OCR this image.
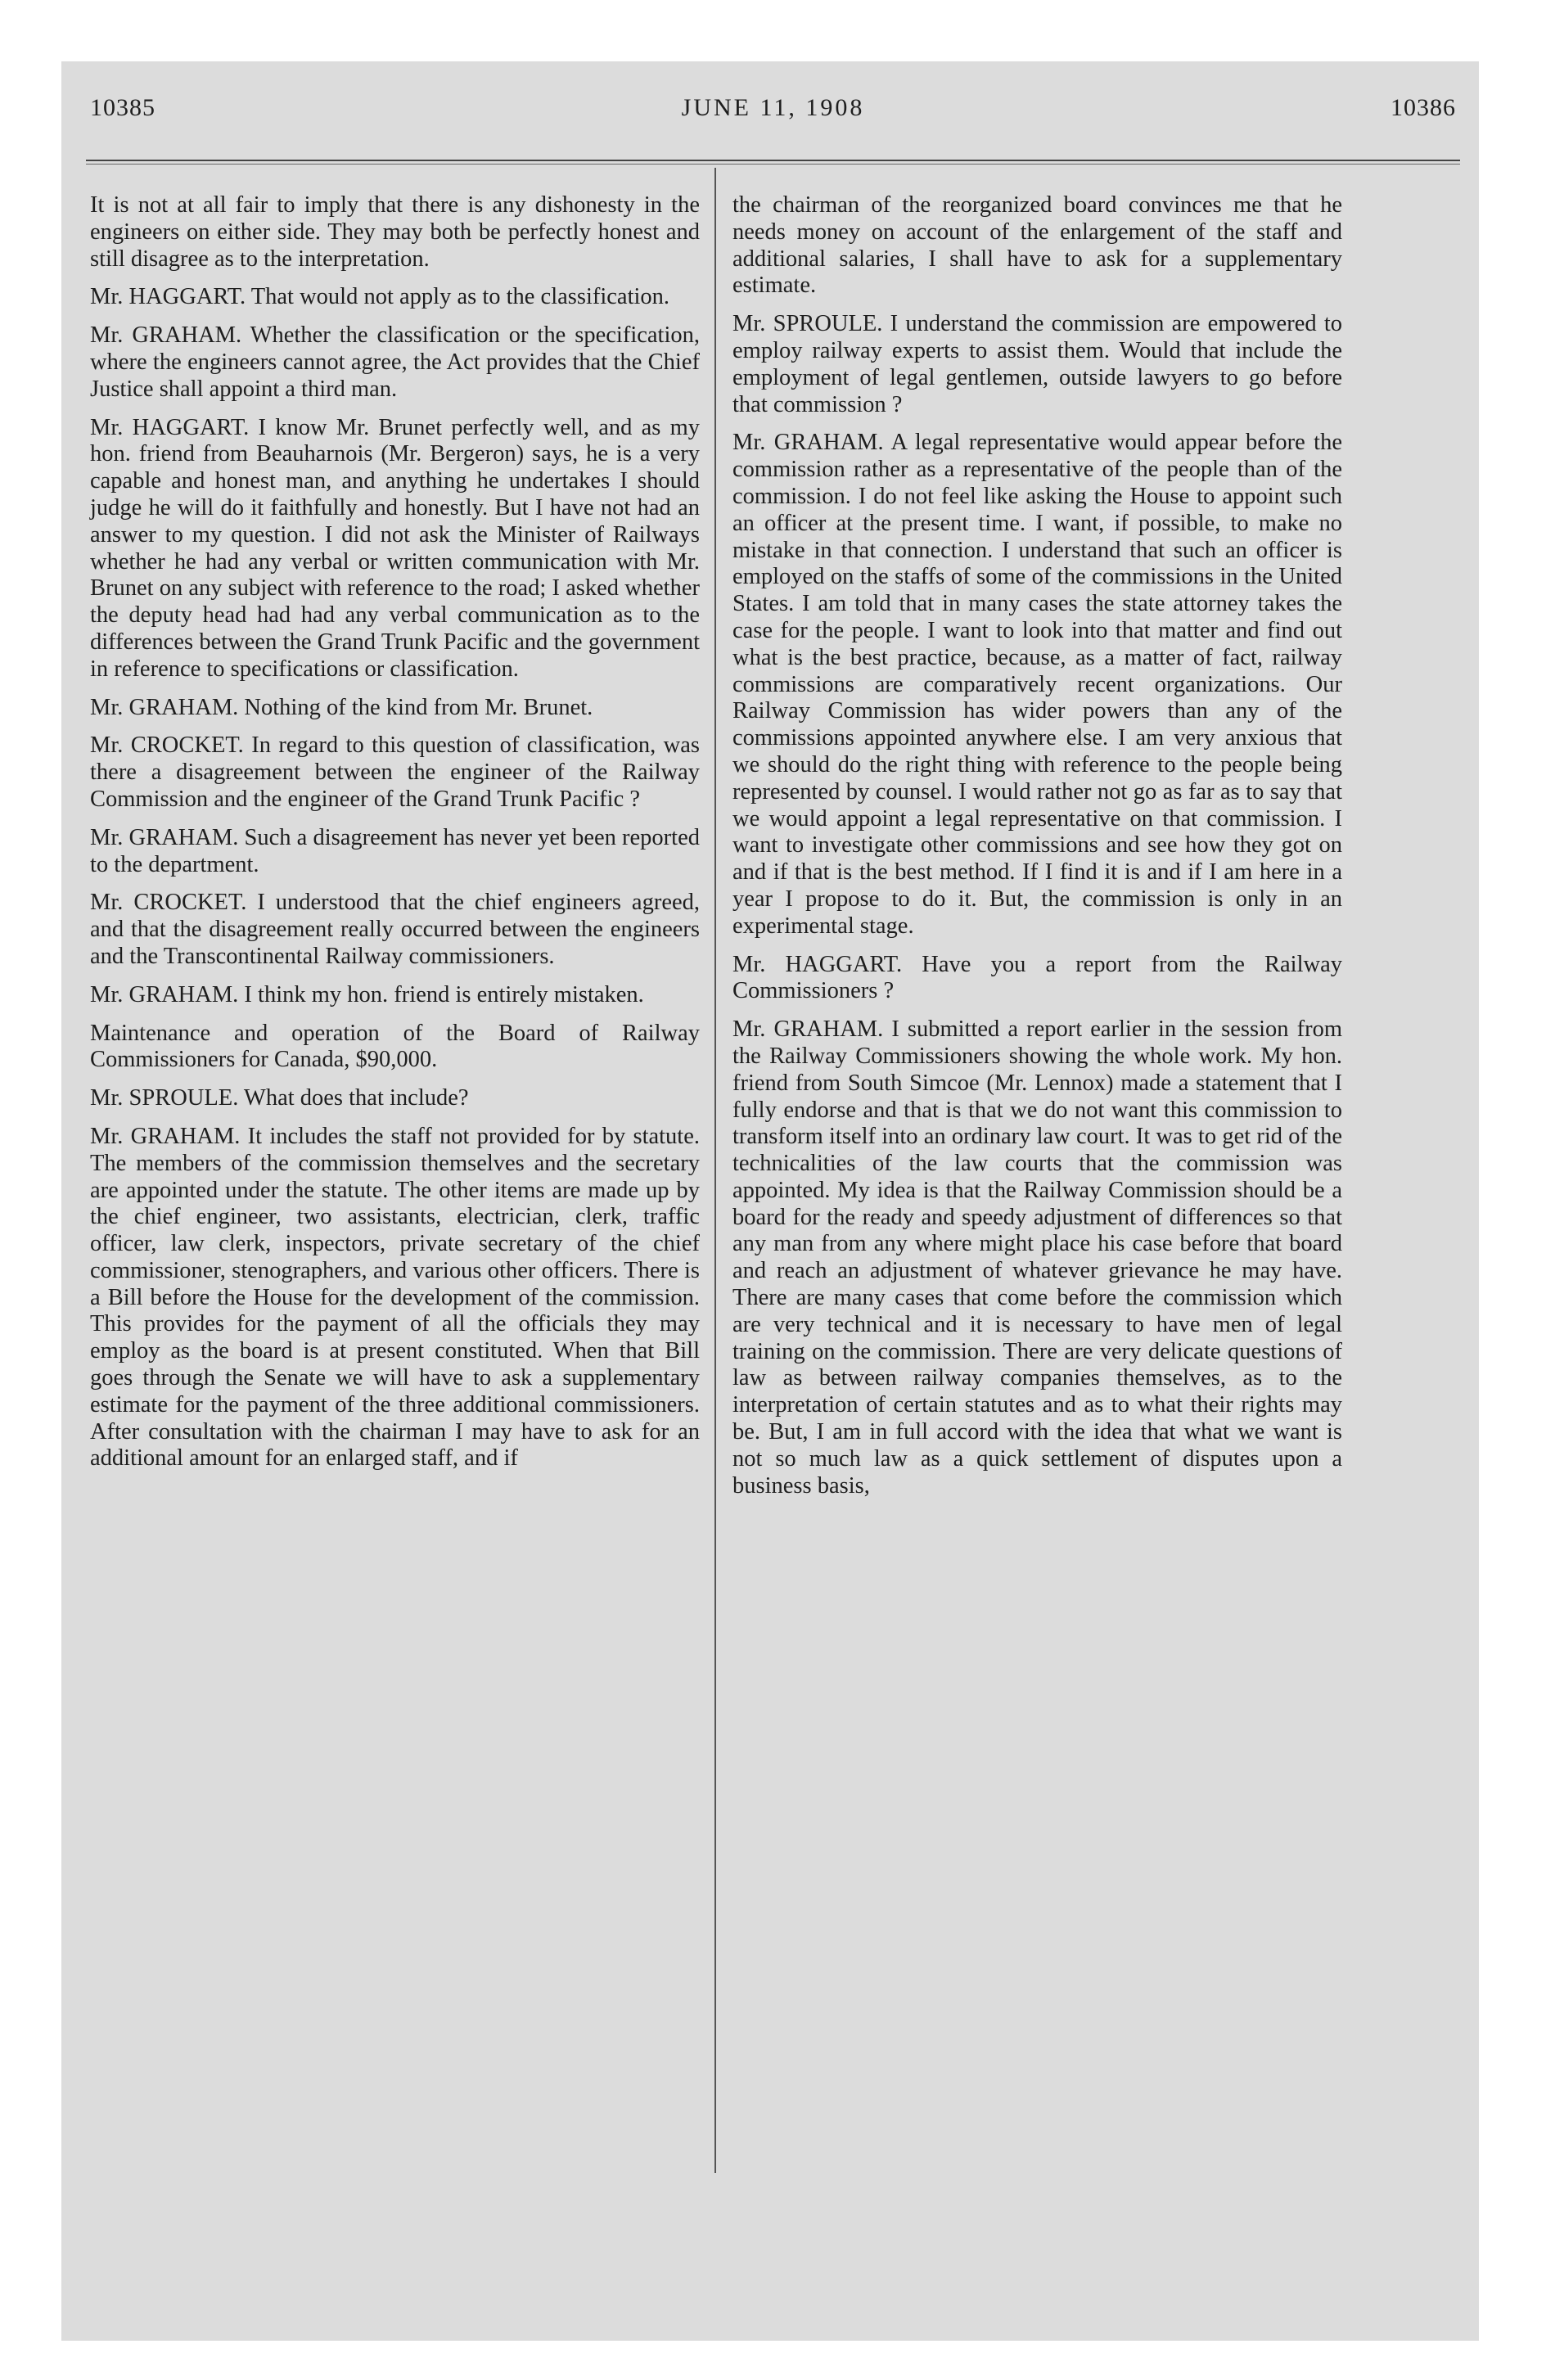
10385	JUNE 11, 1908	10386

It is not at all fair to imply that there is any dishonesty in the engineers on either side. They may both be perfectly honest and still disagree as to the interpretation.

Mr. HAGGART. That would not apply as to the classification.

Mr. GRAHAM. Whether the classification or the specification, where the engineers cannot agree, the Act provides that the Chief Justice shall appoint a third man.

Mr. HAGGART. I know Mr. Brunet perfectly well, and as my hon. friend from Beauharnois (Mr. Bergeron) says, he is a very capable and honest man, and anything he undertakes I should judge he will do it faithfully and honestly. But I have not had an answer to my question. I did not ask the Minister of Railways whether he had any verbal or written communication with Mr. Brunet on any subject with reference to the road; I asked whether the deputy head had had any verbal communication as to the differences between the Grand Trunk Pacific and the government in reference to specifications or classification.

Mr. GRAHAM. Nothing of the kind from Mr. Brunet.

Mr. CROCKET. In regard to this question of classification, was there a disagreement between the engineer of the Railway Commission and the engineer of the Grand Trunk Pacific ?

Mr. GRAHAM. Such a disagreement has never yet been reported to the department.

Mr. CROCKET. I understood that the chief engineers agreed, and that the disagreement really occurred between the engineers and the Transcontinental Railway commissioners.

Mr. GRAHAM. I think my hon. friend is entirely mistaken.

Maintenance and operation of the Board of Railway Commissioners for Canada, $90,000.

Mr. SPROULE. What does that include?

Mr. GRAHAM. It includes the staff not provided for by statute. The members of the commission themselves and the secretary are appointed under the statute. The other items are made up by the chief engineer, two assistants, electrician, clerk, traffic officer, law clerk, inspectors, private secretary of the chief commissioner, stenographers, and various other officers. There is a Bill before the House for the development of the commission. This provides for the payment of all the officials they may employ as the board is at present constituted. When that Bill goes through the Senate we will have to ask a supplementary estimate for the payment of the three additional commissioners. After consultation with the chairman I may have to ask for an additional amount for an enlarged staff, and if

the chairman of the reorganized board convinces me that he needs money on account of the enlargement of the staff and additional salaries, I shall have to ask for a supplementary estimate.

Mr. SPROULE. I understand the commission are empowered to employ railway experts to assist them. Would that include the employment of legal gentlemen, outside lawyers to go before that commission ?

Mr. GRAHAM. A legal representative would appear before the commission rather as a representative of the people than of the commission. I do not feel like asking the House to appoint such an officer at the present time. I want, if possible, to make no mistake in that connection. I understand that such an officer is employed on the staffs of some of the commissions in the United States. I am told that in many cases the state attorney takes the case for the people. I want to look into that matter and find out what is the best practice, because, as a matter of fact, railway commissions are comparatively recent organizations. Our Railway Commission has wider powers than any of the commissions appointed anywhere else. I am very anxious that we should do the right thing with reference to the people being represented by counsel. I would rather not go as far as to say that we would appoint a legal representative on that commission. I want to investigate other commissions and see how they got on and if that is the best method. If I find it is and if I am here in a year I propose to do it. But, the commission is only in an experimental stage.

Mr. HAGGART. Have you a report from the Railway Commissioners ?

Mr. GRAHAM. I submitted a report earlier in the session from the Railway Commissioners showing the whole work. My hon. friend from South Simcoe (Mr. Lennox) made a statement that I fully endorse and that is that we do not want this commission to transform itself into an ordinary law court. It was to get rid of the technicalities of the law courts that the commission was appointed. My idea is that the Railway Commission should be a board for the ready and speedy adjustment of differences so that any man from any where might place his case before that board and reach an adjustment of whatever grievance he may have. There are many cases that come before the commission which are very technical and it is necessary to have men of legal training on the commission. There are very delicate questions of law as between railway companies themselves, as to the interpretation of certain statutes and as to what their rights may be. But, I am in full accord with the idea that what we want is not so much law as a quick settlement of disputes upon a business basis,
